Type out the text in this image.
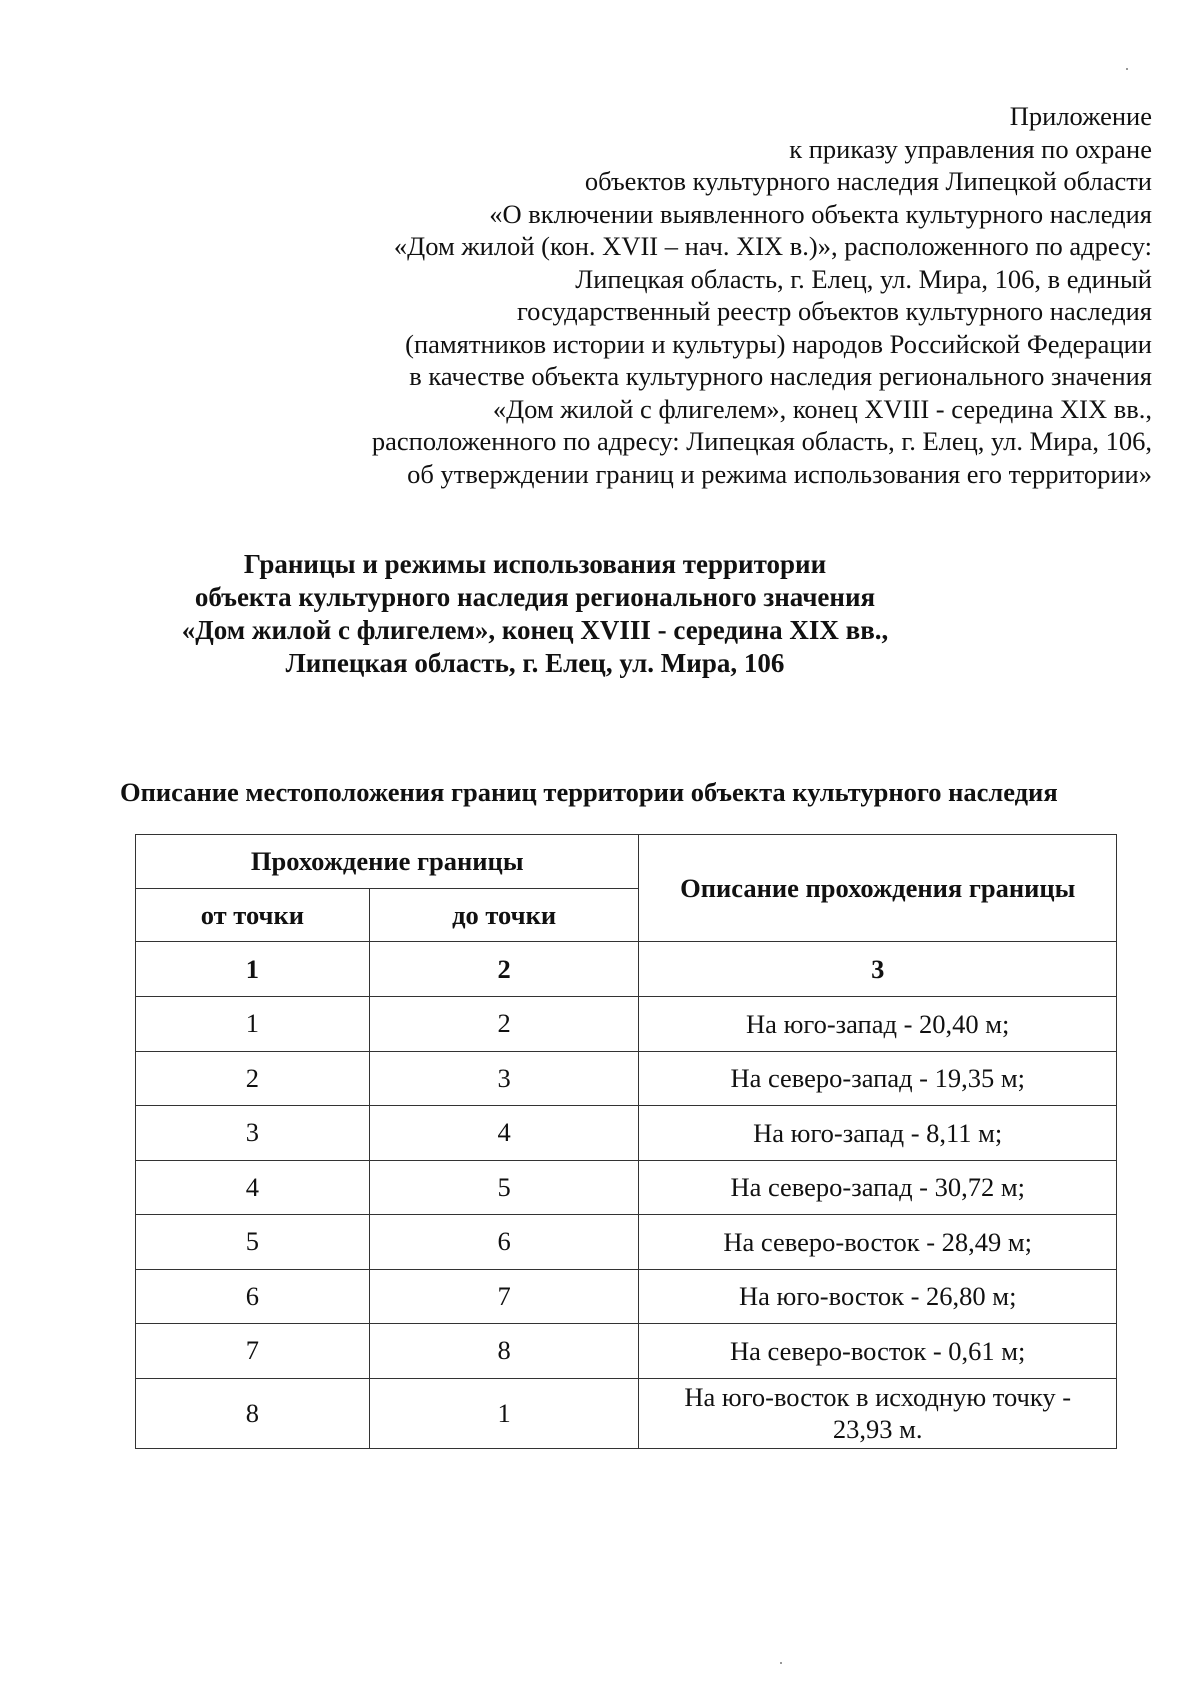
Приложение
к приказу управления по охране
объектов культурного наследия Липецкой области
«О включении выявленного объекта культурного наследия
«Дом жилой (кон. XVII – нач. XIX в.)», расположенного по адресу:
Липецкая область, г. Елец, ул. Мира, 106, в единый
государственный реестр объектов культурного наследия
(памятников истории и культуры) народов Российской Федерации
в качестве объекта культурного наследия регионального значения
«Дом жилой с флигелем», конец XVIII - середина XIX вв.,
расположенного по адресу: Липецкая область, г. Елец, ул. Мира, 106,
об утверждении границ и режима использования его территории»
Границы и режимы использования территории
объекта культурного наследия регионального значения
«Дом жилой с флигелем», конец XVIII - середина XIX вв.,
Липецкая область, г. Елец, ул. Мира, 106
Описание местоположения границ территории объекта культурного наследия
Прохождение границы		Описание прохождения границы
от точки	до точки	
1	2	3
1	2	На юго-запад - 20,40 м;
2	3	На северо-запад - 19,35 м;
3	4	На юго-запад - 8,11 м;
4	5	На северо-запад - 30,72 м;
5	6	На северо-восток - 28,49 м;
6	7	На юго-восток - 26,80 м;
7	8	На северо-восток - 0,61 м;
8	1	На юго-восток в исходную точку -
23,93 м.
